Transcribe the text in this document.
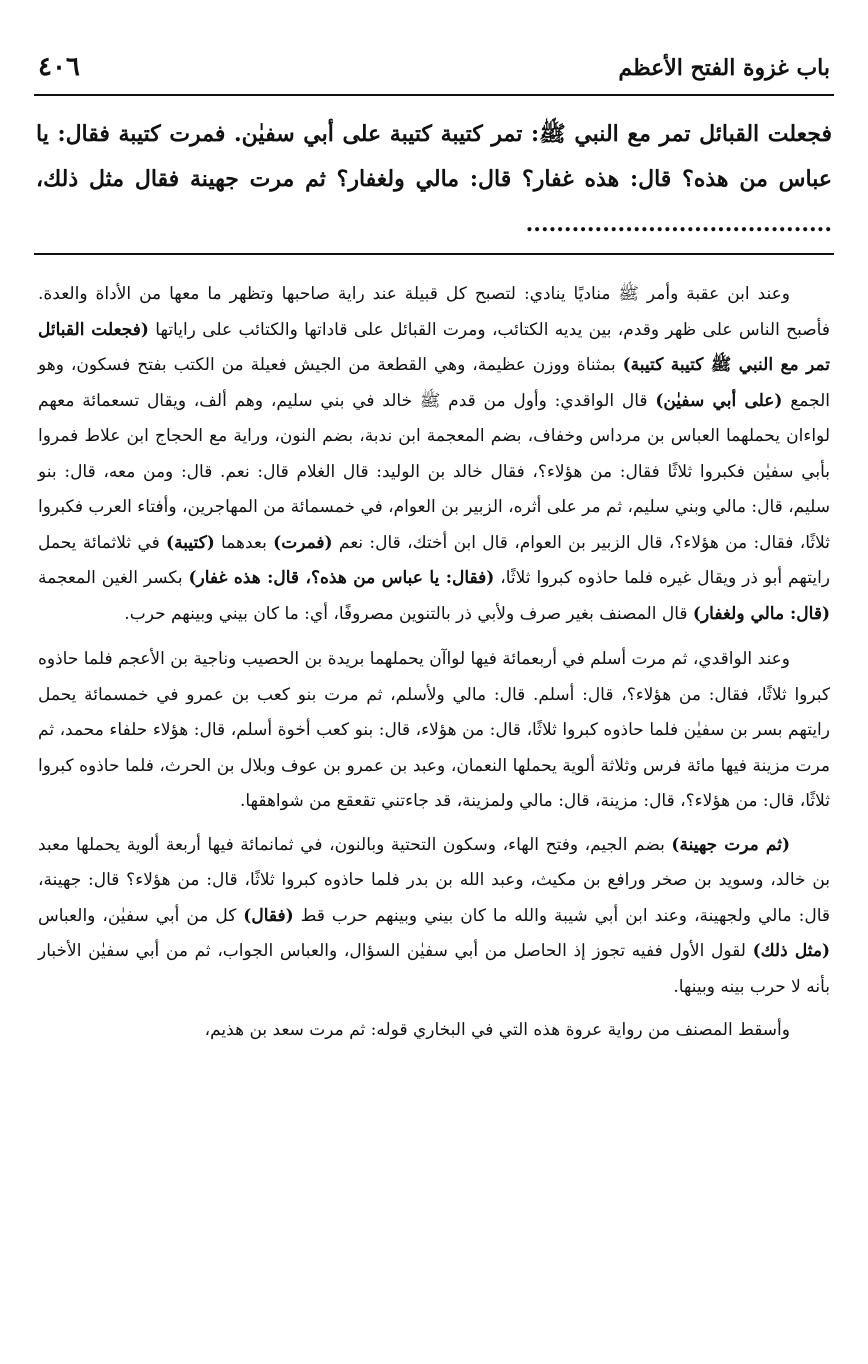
باب غزوة الفتح الأعظم
٤٠٦
فجعلت القبائل تمر مع النبي ﷺ: تمر كتيبة كتيبة على أبي سفيٰن. فمرت كتيبة فقال: يا عباس من هذه؟ قال: هذه غفار؟ قال: مالي ولغفار؟ ثم مرت جهينة فقال مثل ذلك، ........................................

وعند ابن عقبة وأمر ﷺ مناديًا ينادي: لتصبح كل قبيلة عند راية صاحبها وتظهر ما معها من الأداة والعدة. فأصبح الناس على ظهر وقدم، بين يديه الكتائب، ومرت القبائل على قاداتها والكتائب على راياتها (فجعلت القبائل تمر مع النبي ﷺ كتيبة كتيبة) بمثناة ووزن عظيمة، وهي القطعة من الجيش فعيلة من الكتب بفتح فسكون، وهو الجمع (على أبي سفيٰن) قال الواقدي: وأول من قدم ﷺ خالد في بني سليم، وهم ألف، ويقال تسعمائة معهم لواءان يحملهما العباس بن مرداس وخفاف، بضم المعجمة ابن ندبة، بضم النون، وراية مع الحجاج ابن علاط فمروا بأبي سفيٰن فكبروا ثلاثًا فقال: من هؤلاء؟، فقال خالد بن الوليد: قال الغلام قال: نعم. قال: ومن معه، قال: بنو سليم، قال: مالي وبني سليم، ثم مر على أثره، الزبير بن العوام، في خمسمائة من المهاجرين، وأفتاء العرب فكبروا ثلاثًا، فقال: من هؤلاء؟، قال الزبير بن العوام، قال ابن أختك، قال: نعم (فمرت) بعدهما (كتيبة) في ثلاثمائة يحمل رايتهم أبو ذر ويقال غيره فلما حاذوه كبروا ثلاثًا، (فقال: يا عباس من هذه؟، قال: هذه غفار) بكسر الغين المعجمة (قال: مالي ولغفار) قال المصنف بغير صرف ولأبي ذر بالتنوين مصروفًا، أي: ما كان بيني وبينهم حرب.

وعند الواقدي، ثم مرت أسلم في أربعمائة فيها لواآن يحملهما بريدة بن الحصيب وناجية بن الأعجم فلما حاذوه كبروا ثلاثًا، فقال: من هؤلاء؟، قال: أسلم. قال: مالي ولأسلم، ثم مرت بنو كعب بن عمرو في خمسمائة يحمل رايتهم بسر بن سفيٰن فلما حاذوه كبروا ثلاثًا، قال: من هؤلاء، قال: بنو كعب أخوة أسلم، قال: هؤلاء حلفاء محمد، ثم مرت مزينة فيها مائة فرس وثلاثة ألوية يحملها النعمان، وعبد بن عمرو بن عوف وبلال بن الحرث، فلما حاذوه كبروا ثلاثًا، قال: من هؤلاء؟، قال: مزينة، قال: مالي ولمزينة، قد جاءتني تقعقع من شواهقها.

(ثم مرت جهينة) بضم الجيم، وفتح الهاء، وسكون التحتية وبالنون، في ثمانمائة فيها أربعة ألوية يحملها معبد بن خالد، وسويد بن صخر ورافع بن مكيث، وعبد الله بن بدر فلما حاذوه كبروا ثلاثًا، قال: من هؤلاء؟ قال: جهينة، قال: مالي ولجهينة، وعند ابن أبي شيبة والله ما كان بيني وبينهم حرب قط (فقال) كل من أبي سفيٰن، والعباس (مثل ذلك) لقول الأول ففيه تجوز إذ الحاصل من أبي سفيٰن السؤال، والعباس الجواب، ثم من أبي سفيٰن الأخبار بأنه لا حرب بينه وبينها.

وأسقط المصنف من رواية عروة هذه التي في البخاري قوله: ثم مرت سعد بن هذيم،
